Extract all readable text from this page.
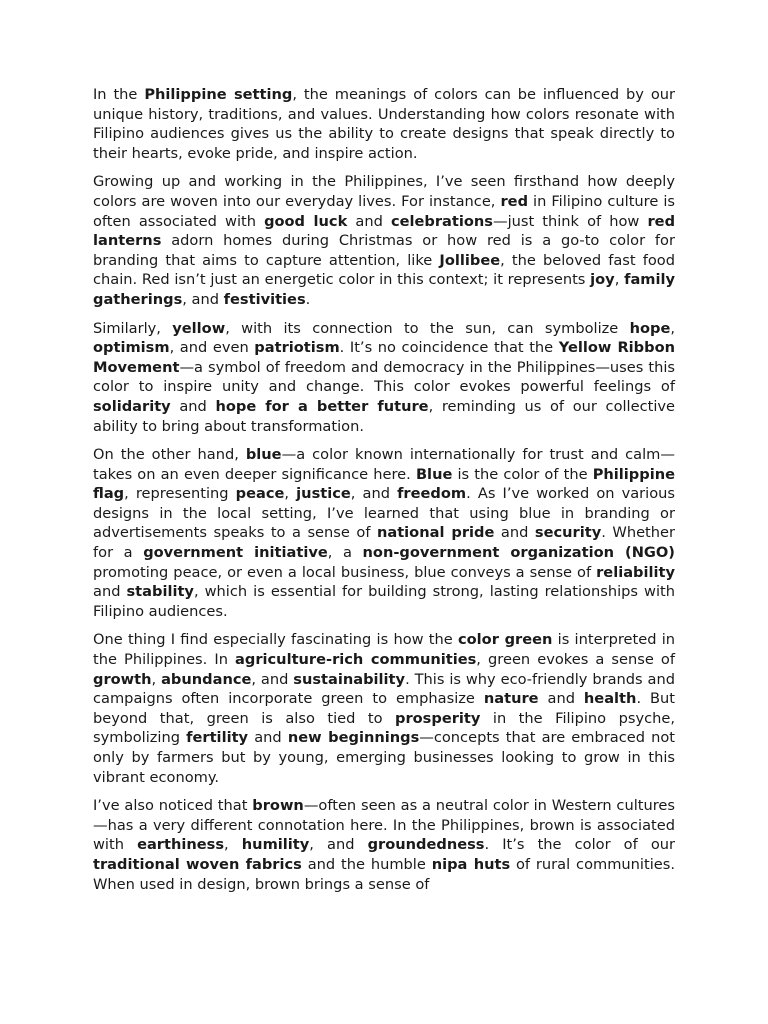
In the Philippine setting, the meanings of colors can be influenced by our unique history, traditions, and values. Understanding how colors resonate with Filipino audiences gives us the ability to create designs that speak directly to their hearts, evoke pride, and inspire action.

Growing up and working in the Philippines, I’ve seen firsthand how deeply colors are woven into our everyday lives. For instance, red in Filipino culture is often associated with good luck and celebrations—just think of how red lanterns adorn homes during Christmas or how red is a go-to color for branding that aims to capture attention, like Jollibee, the beloved fast food chain. Red isn’t just an energetic color in this context; it represents joy, family gatherings, and festivities.

Similarly, yellow, with its connection to the sun, can symbolize hope, optimism, and even patriotism. It’s no coincidence that the Yellow Ribbon Movement—a symbol of freedom and democracy in the Philippines—uses this color to inspire unity and change. This color evokes powerful feelings of solidarity and hope for a better future, reminding us of our collective ability to bring about transformation.

On the other hand, blue—a color known internationally for trust and calm—takes on an even deeper significance here. Blue is the color of the Philippine flag, representing peace, justice, and freedom. As I’ve worked on various designs in the local setting, I’ve learned that using blue in branding or advertisements speaks to a sense of national pride and security. Whether for a government initiative, a non-government organization (NGO) promoting peace, or even a local business, blue conveys a sense of reliability and stability, which is essential for building strong, lasting relationships with Filipino audiences.

One thing I find especially fascinating is how the color green is interpreted in the Philippines. In agriculture-rich communities, green evokes a sense of growth, abundance, and sustainability. This is why eco-friendly brands and campaigns often incorporate green to emphasize nature and health. But beyond that, green is also tied to prosperity in the Filipino psyche, symbolizing fertility and new beginnings—concepts that are embraced not only by farmers but by young, emerging businesses looking to grow in this vibrant economy.

I’ve also noticed that brown—often seen as a neutral color in Western cultures—has a very different connotation here. In the Philippines, brown is associated with earthiness, humility, and groundedness. It’s the color of our traditional woven fabrics and the humble nipa huts of rural communities. When used in design, brown brings a sense of
